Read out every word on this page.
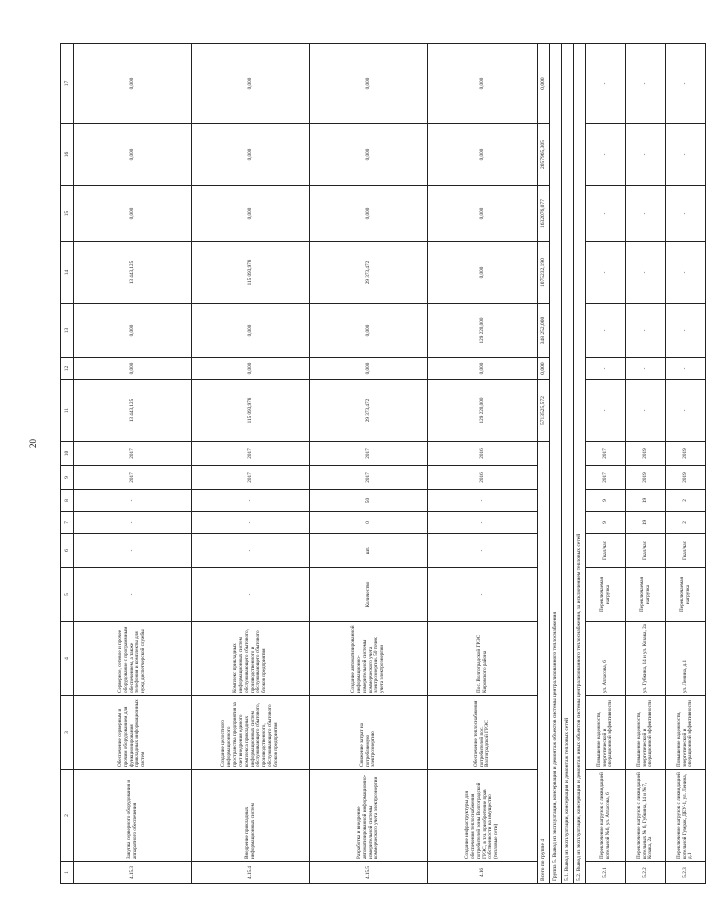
20
1	2	3	4	5	6	7	8	9	10	11	12	13	14	15	16	17
4.15.3	Закупка серверного оборудования и аппаратного обеспечения	Обеспечение серверным и прочим оборудованием для функционирования прикладных информационных систем	Серверное, сетевое и прочее оборудование с программным обеспечением, а также телефония и комплекты для нужд диспетчерской службы	-	-	-	-	2017	2017	13 443,125	0,000	0,000	13 443,125	0,000	0,000	0,000
4.15.4	Внедрение прикладных информационных систем	Создание целостного информационного пространства предприятия за счет внедрения единого комплекса прикладных информационных систем обслуживающего сбытового, производственного, обслуживающего сбытового блоков предприятия	Комплекс прикладных информационных систем обслуживающего сбытового, производственного и обслуживающего сбытового блоков предприятия	-	-	-	-	2017	2017	115 093,978	0,000	0,000	115 093,978	0,000	0,000	0,000
4.15.5	Разработка и внедрение автоматизированной информационно-измерительной системы коммерческого учета электроэнергии	Снижение затрат на потребляемую электроэнергию	Создание автоматизированной информационно-измерительной системы коммерческого учета электроэнергии. 50 точек учета электроэнергии	Количество	шт.	0	50	2017	2017	29 373,472	0,000	0,000	29 373,472	0,000	0,000	0,000
4.16	Создание инфраструктуры для обеспечения теплоснабжения потребителей зоны Волгоградской ГРЭС, в т.ч. приобретение прав собственности на имущество (тепловые сети)	Обеспечение теплоснабжения потребителей пос. Волгоградской ГРЭС	Пос. Волгоградской ГРЭС Кировского района	-	-	-	-	2016	2016	129 220,000	0,000	129 220,000	0,000	0,000	0,000	0,000
Всего по группе 4										5713525,572	0,000	348 252,000	1075232,190	1632076,077	2057965,305	0,000
Группа 5. Вывод из эксплуатации, консервация и демонтаж объектов системы централизованного теплоснабжения																
5.1. Вывод из эксплуатации, консервация и демонтаж тепловых сетей																
5.2. Вывод из эксплуатации, консервация и демонтаж иных объектов системы централизованного теплоснабжения, за исключением тепловых сетей																
5.2.1	Переключение нагрузок с ликвидацией котельной №6, ул. Атласова, 6	Повышение надежности, энергетической и операционной эффективности	ул. Атласова, 6	Переключаемая нагрузка	Гкал/час	9	9	2017	2017	-	-	-	-	-	-	-
5.2.2	Переключение нагрузок с ликвидацией котельных № 6, Губкина, 14 и №7, Козака, 2а	Повышение надежности, энергетической и операционной эффективности	ул. Губкина, 14 и ул. Козака, 2а	Переключаемая нагрузка	Гкал/час	19	19	2019	2019	-	-	-	-	-	-	-
5.2.3	Переключение нагрузок с ликвидацией котельной Гумрак, ДЕУ-1, ул. Ленина, д.1	Повышение надежности, энергетической и операционной эффективности	ул. Ленина, д.1	Переключаемая нагрузка	Гкал/час	2	2	2019	2019	-	-	-	-	-	-	-
